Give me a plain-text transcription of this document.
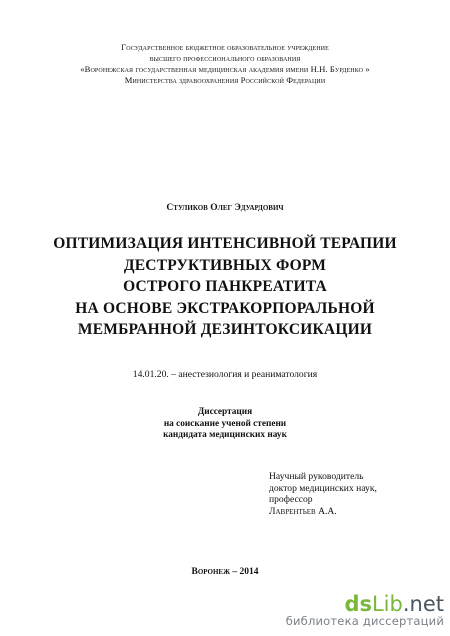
Государственное бюджетное образовательное учреждение
высшего профессионального образования
«Воронежская государственная медицинская академия имени Н.Н. Бурденко »
Министерства здравоохранения Российской Федерации
Стуликов Олег Эдуардович
ОПТИМИЗАЦИЯ ИНТЕНСИВНОЙ ТЕРАПИИ
ДЕСТРУКТИВНЫХ ФОРМ
ОСТРОГО ПАНКРЕАТИТА
НА ОСНОВЕ ЭКСТРАКОРПОРАЛЬНОЙ
МЕМБРАННОЙ ДЕЗИНТОКСИКАЦИИ
14.01.20. – анестезиология и реаниматология
Диссертация
на соискание ученой степени
кандидата медицинских наук
Научный руководитель
доктор медицинских наук,
профессор
Лаврентьев А.А.
Воронеж – 2014
ds Lib .net
библиотека диссертаций
